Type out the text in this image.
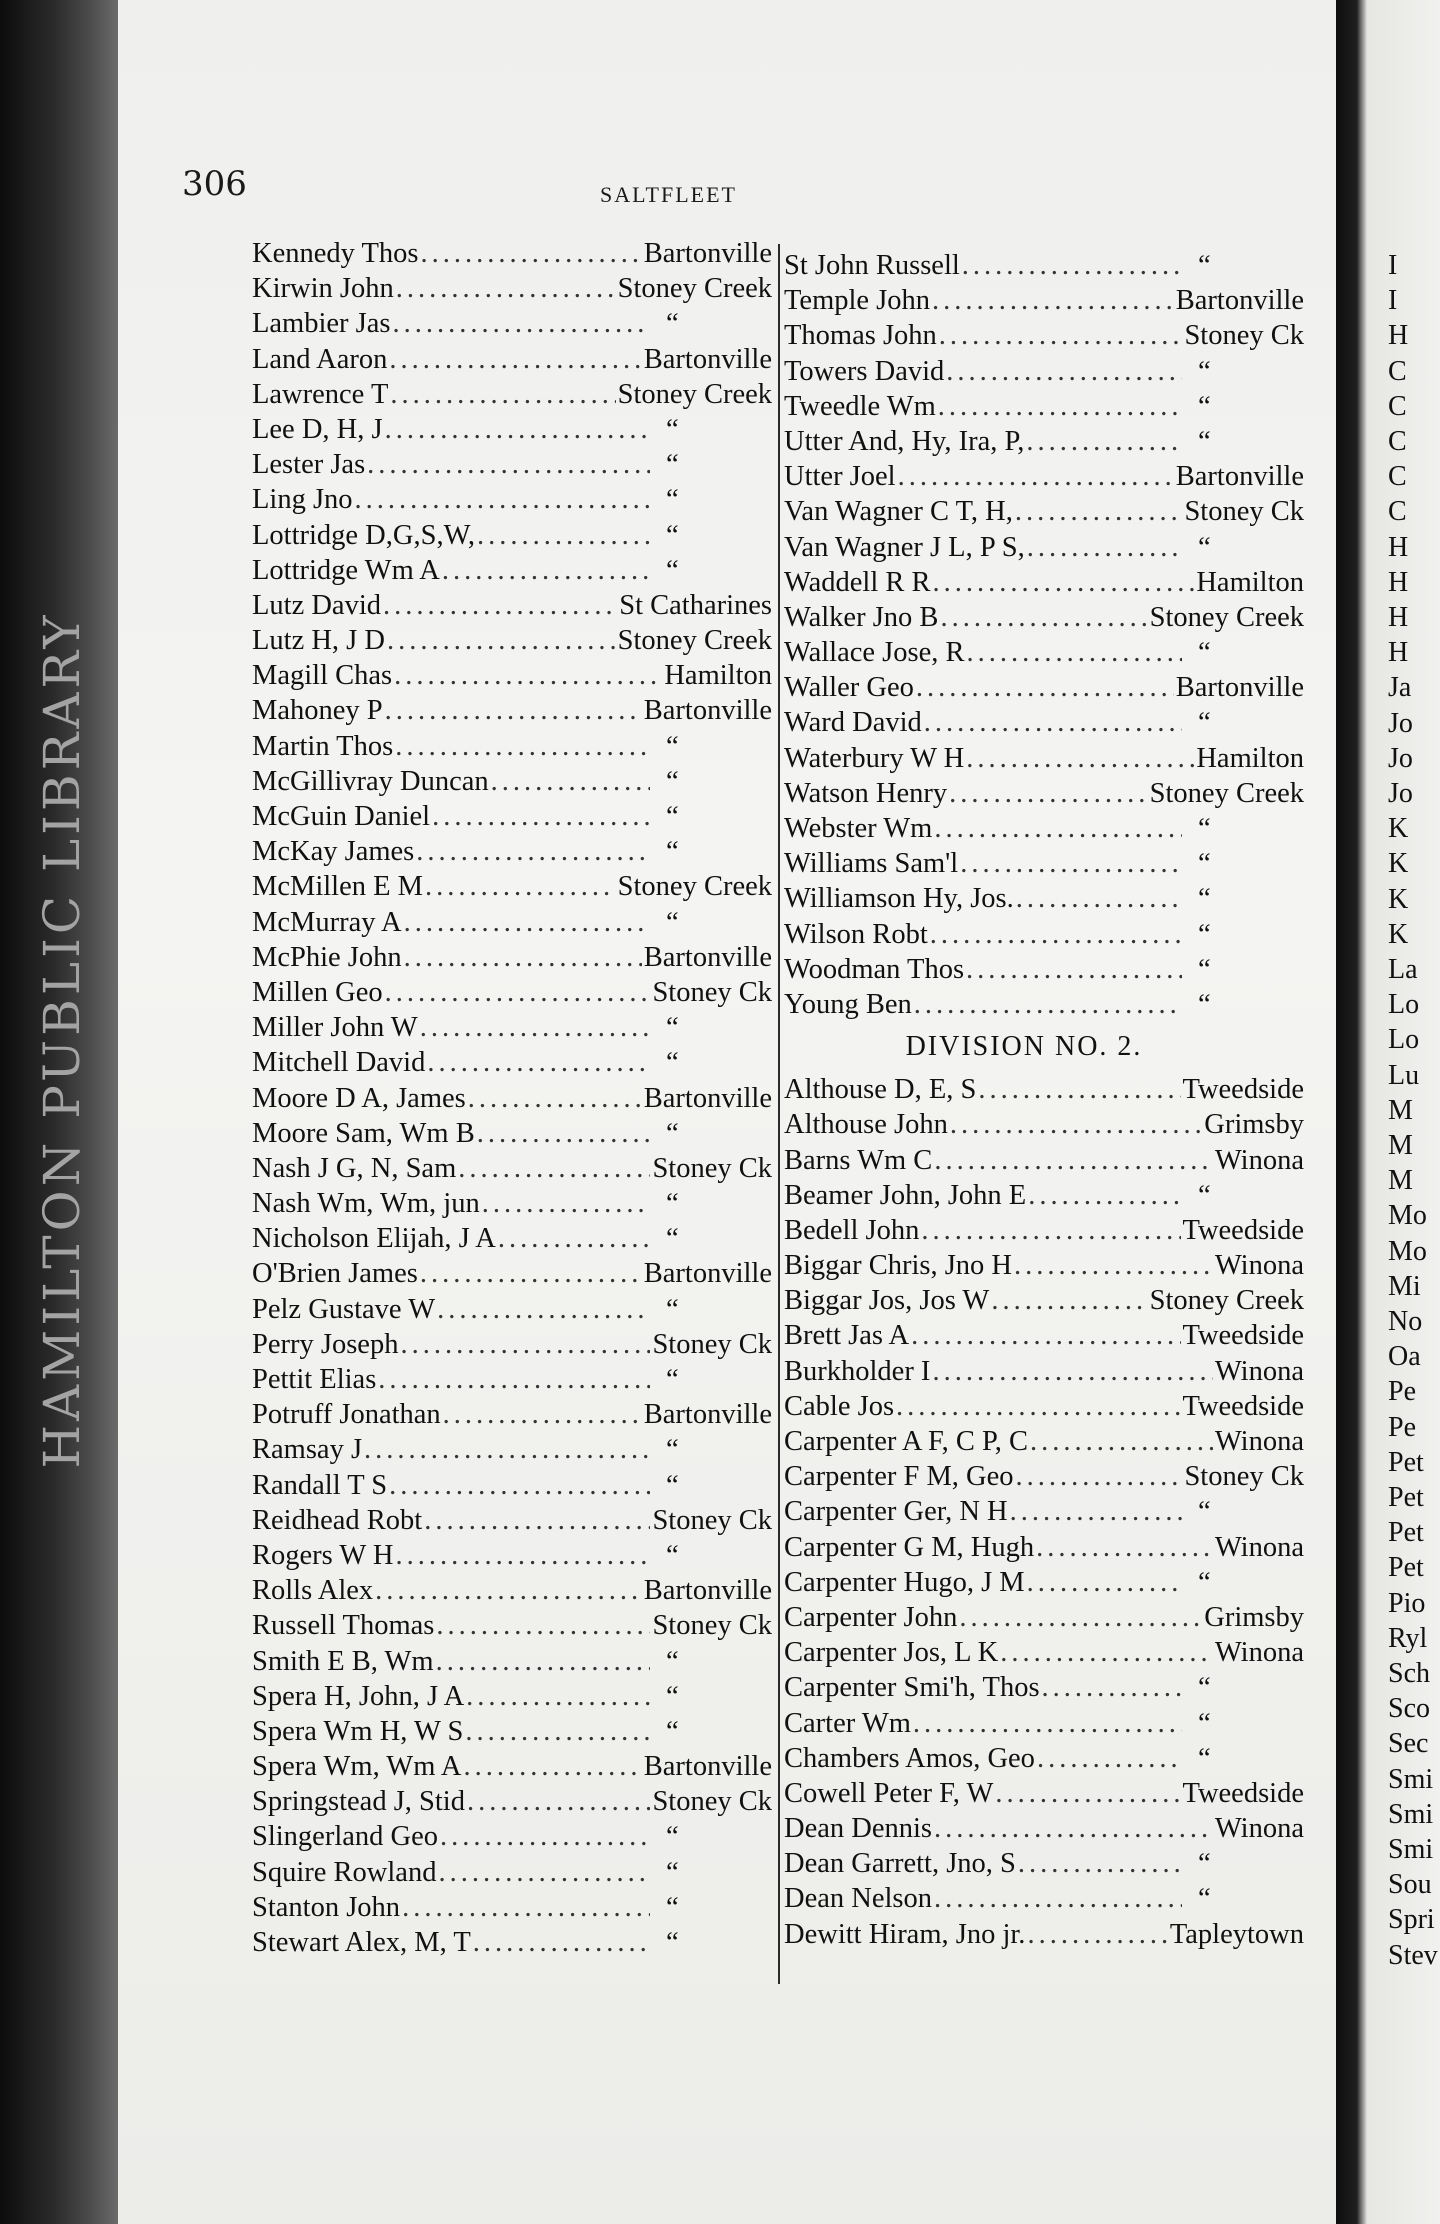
HAMILTON PUBLIC LIBRARY
306	SALTFLEET
Kennedy Thos .....	Bartonville
Kirwin John .....	Stoney Creek
Lambier Jas .....	“
Land Aaron .....	Bartonville
Lawrence T .....	Stoney Creek
Lee D, H, J .....	“
Lester Jas .....	“
Ling Jno .....	“
Lottridge D,G,S,W, .....	“
Lottridge Wm A .....	“
Lutz David .....	St Catharines
Lutz H, J D .....	Stoney Creek
Magill Chas .....	Hamilton
Mahoney P .....	Bartonville
Martin Thos .....	“
McGillivray Duncan .....	“
McGuin Daniel .....	“
McKay James .....	“
McMillen E M .....	Stoney Creek
McMurray A .....	“
McPhie John .....	Bartonville
Millen Geo .....	Stoney Ck
Miller John W .....	“
Mitchell David .....	“
Moore D A, James .....	Bartonville
Moore Sam, Wm B .....	“
Nash J G, N, Sam .....	Stoney Ck
Nash Wm, Wm, jun .....	“
Nicholson Elijah, J A .....	“
O'Brien James .....	Bartonville
Pelz Gustave W .....	“
Perry Joseph .....	Stoney Ck
Pettit Elias .....	“
Potruff Jonathan .....	Bartonville
Ramsay J .....	“
Randall T S .....	“
Reidhead Robt .....	Stoney Ck
Rogers W H .....	“
Rolls Alex .....	Bartonville
Russell Thomas .....	Stoney Ck
Smith E B, Wm .....	“
Spera H, John, J A .....	“
Spera Wm H, W S .....	“
Spera Wm, Wm A .....	Bartonville
Springstead J, Stid .....	Stoney Ck
Slingerland Geo .....	“
Squire Rowland .....	“
Stanton John .....	“
Stewart Alex, M, T .....	“
St John Russell .....	“
Temple John .....	Bartonville
Thomas John .....	Stoney Ck
Towers David .....	“
Tweedle Wm .....	“
Utter And, Hy, Ira, P, .....	“
Utter Joel .....	Bartonville
Van Wagner C T, H, .....	Stoney Ck
Van Wagner J L, P S, .....	“
Waddell R R .....	Hamilton
Walker Jno B .....	Stoney Creek
Wallace Jose, R .....	“
Waller Geo .....	Bartonville
Ward David .....	“
Waterbury W H .....	Hamilton
Watson Henry .....	Stoney Creek
Webster Wm .....	“
Williams Sam'l .....	“
Williamson Hy, Jos. .....	“
Wilson Robt .....	“
Woodman Thos .....	“
Young Ben .....	“
DIVISION NO. 2.
Althouse D, E, S .....	Tweedside
Althouse John .....	Grimsby
Barns Wm C .....	Winona
Beamer John, John E .....	“
Bedell John .....	Tweedside
Biggar Chris, Jno H .....	Winona
Biggar Jos, Jos W .....	Stoney Creek
Brett Jas A .....	Tweedside
Burkholder I .....	Winona
Cable Jos .....	Tweedside
Carpenter A F, C P, C .....	Winona
Carpenter F M, Geo .....	Stoney Ck
Carpenter Ger, N H .....	“
Carpenter G M, Hugh .....	Winona
Carpenter Hugo, J M .....	“
Carpenter John .....	Grimsby
Carpenter Jos, L K .....	Winona
Carpenter Smi'h, Thos .....	“
Carter Wm .....	“
Chambers Amos, Geo .....	“
Cowell Peter F, W .....	Tweedside
Dean Dennis .....	Winona
Dean Garrett, Jno, S .....	“
Dean Nelson .....	“
Dewitt Hiram, Jno jr. .....	Tapleytown
I
I
H
C
C
C
C
C
H
H
H
H
Ja
Jo
Jo
Jo
K
K
K
K
La
Lo
Lo
Lu
M
M
M
Mo
Mo
Mi
No
Oa
Pe
Pe
Pet
Pet
Pet
Pet
Pio
Ryl
Sch
Sco
Sec
Smi
Smi
Smi
Sou
Spri
Stev
